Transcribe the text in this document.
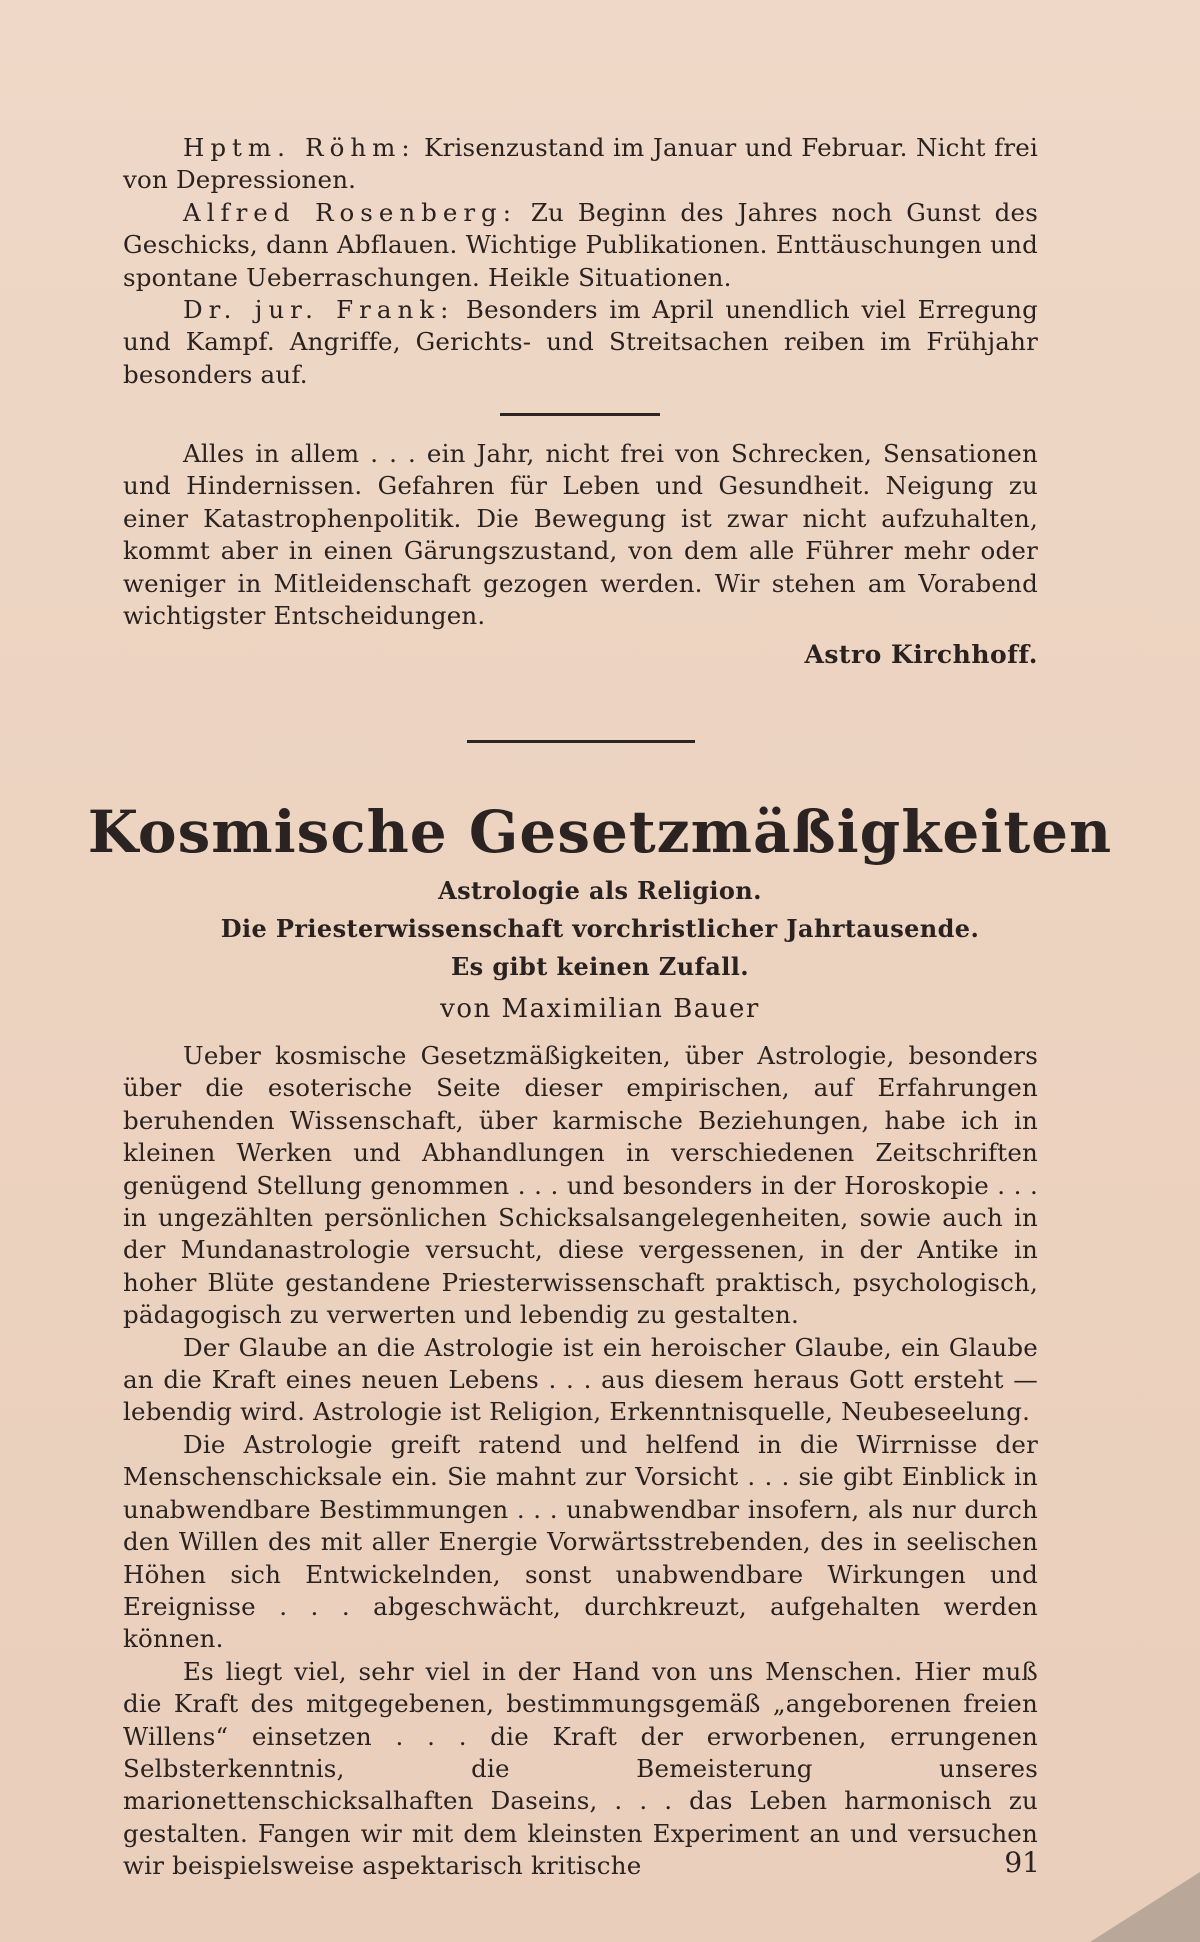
Hptm. Röhm: Krisenzustand im Januar und Februar. Nicht frei von Depressionen.

Alfred Rosenberg: Zu Beginn des Jahres noch Gunst des Geschicks, dann Abflauen. Wichtige Publikationen. Enttäuschungen und spontane Ueberraschungen. Heikle Situationen.

Dr. jur. Frank: Besonders im April unendlich viel Erregung und Kampf. Angriffe, Gerichts- und Streitsachen reiben im Frühjahr besonders auf.

Alles in allem . . . ein Jahr, nicht frei von Schrecken, Sensationen und Hindernissen. Gefahren für Leben und Gesundheit. Neigung zu einer Katastrophenpolitik. Die Bewegung ist zwar nicht aufzuhalten, kommt aber in einen Gärungszustand, von dem alle Führer mehr oder weniger in Mitleidenschaft gezogen werden. Wir stehen am Vorabend wichtigster Entscheidungen.

Astro Kirchhoff.
Kosmische Gesetzmäßigkeiten
Astrologie als Religion.
Die Priesterwissenschaft vorchristlicher Jahrtausende.
Es gibt keinen Zufall.
von Maximilian Bauer

Ueber kosmische Gesetzmäßigkeiten, über Astrologie, besonders über die esoterische Seite dieser empirischen, auf Erfahrungen beruhenden Wissenschaft, über karmische Beziehungen, habe ich in kleinen Werken und Abhandlungen in verschiedenen Zeitschriften genügend Stellung genommen . . . und besonders in der Horoskopie . . . in ungezählten persönlichen Schicksalsangelegenheiten, sowie auch in der Mundanastrologie versucht, diese vergessenen, in der Antike in hoher Blüte gestandene Priesterwissenschaft praktisch, psychologisch, pädagogisch zu verwerten und lebendig zu gestalten.

Der Glaube an die Astrologie ist ein heroischer Glaube, ein Glaube an die Kraft eines neuen Lebens . . . aus diesem heraus Gott ersteht — lebendig wird. Astrologie ist Religion, Erkenntnisquelle, Neubeseelung.

Die Astrologie greift ratend und helfend in die Wirrnisse der Menschenschicksale ein. Sie mahnt zur Vorsicht . . . sie gibt Einblick in unabwendbare Bestimmungen . . . unabwendbar insofern, als nur durch den Willen des mit aller Energie Vorwärtsstrebenden, des in seelischen Höhen sich Entwickelnden, sonst unabwendbare Wirkungen und Ereignisse . . . abgeschwächt, durchkreuzt, aufgehalten werden können.

Es liegt viel, sehr viel in der Hand von uns Menschen. Hier muß die Kraft des mitgegebenen, bestimmungsgemäß „angeborenen freien Willens“ einsetzen . . . die Kraft der erworbenen, errungenen Selbsterkenntnis, die Bemeisterung unseres marionettenschicksalhaften Daseins, . . . das Leben harmonisch zu gestalten. Fangen wir mit dem kleinsten Experiment an und versuchen wir beispielsweise aspektarisch kritische	91
